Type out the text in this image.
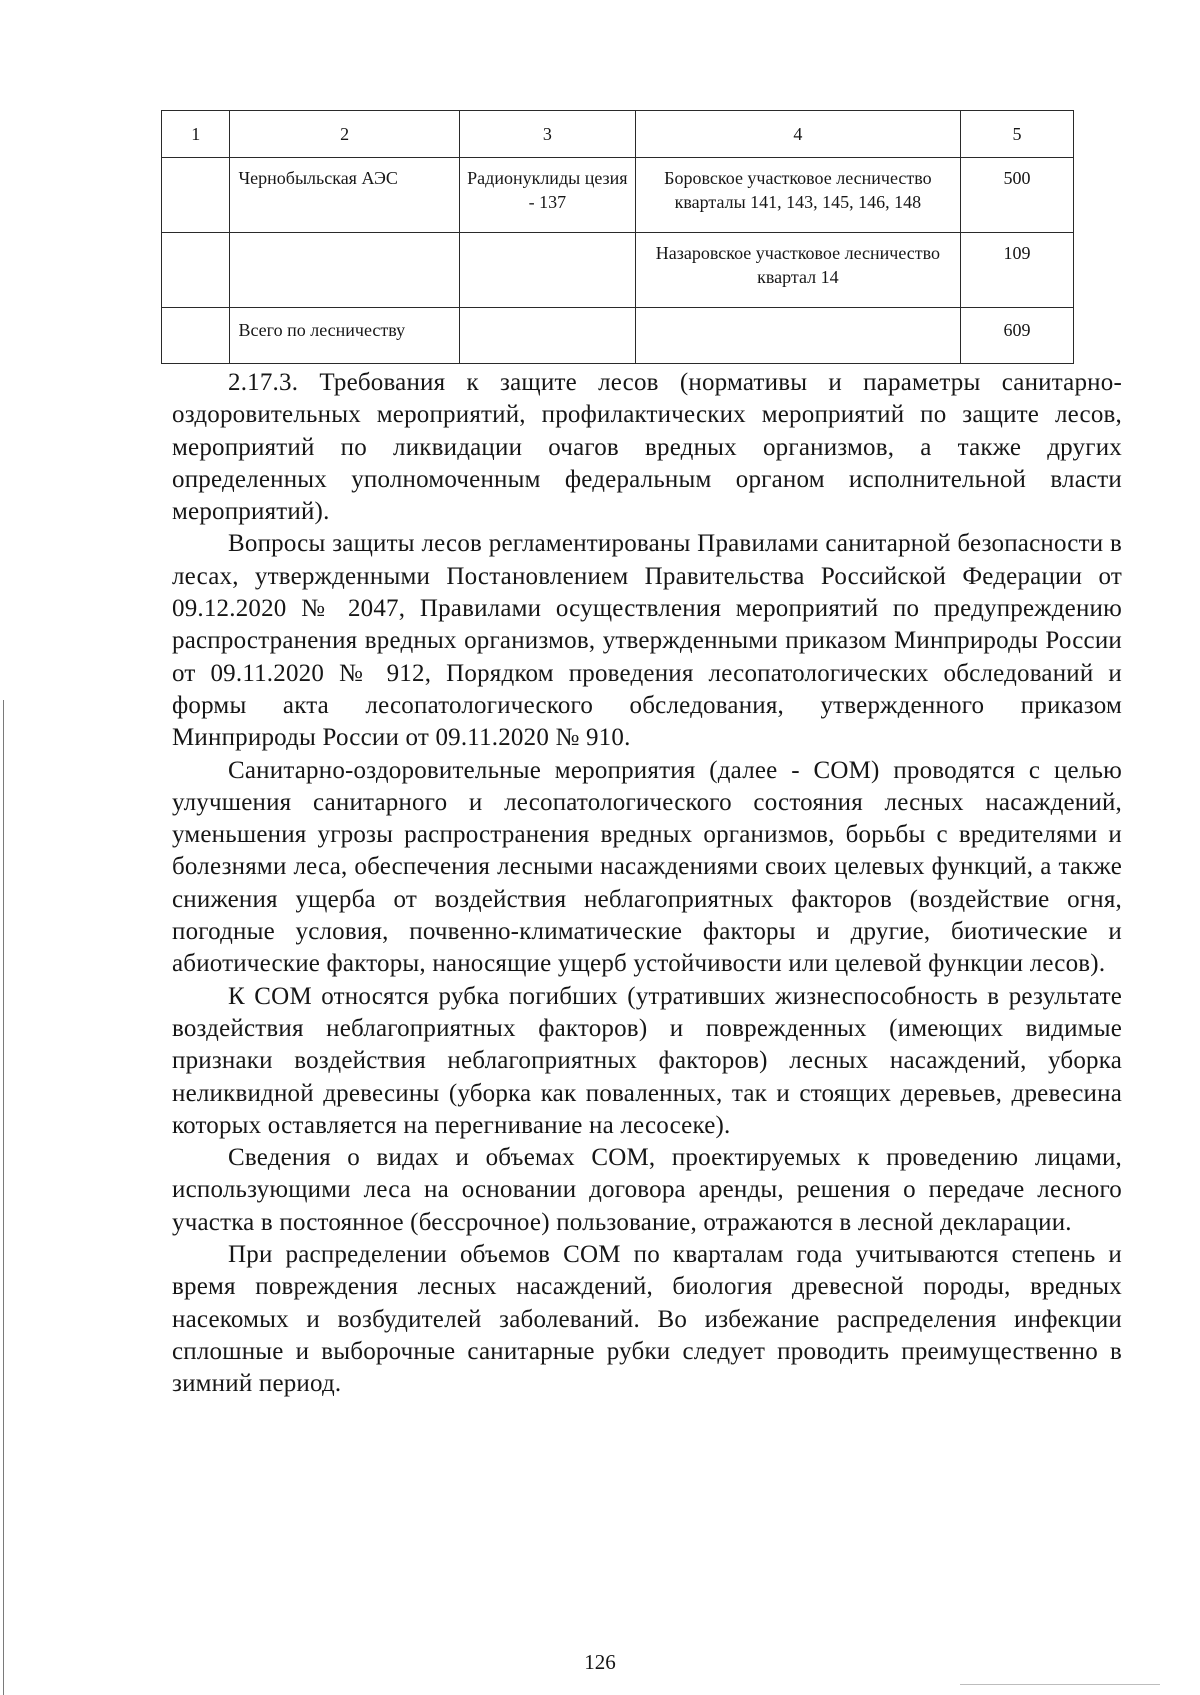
1	2	3	4	5
	Чернобыльская АЭС	Радионуклиды цезия - 137	Боровское участковое лесничество кварталы 141, 143, 145, 146, 148	500
			Назаровское участковое лесничество квартал 14	109
	Всего по лесничеству			609

2.17.3. Требования к защите лесов (нормативы и параметры санитарно-оздоровительных мероприятий, профилактических мероприятий по защите лесов, мероприятий по ликвидации очагов вредных организмов, а также других определенных уполномоченным федеральным органом исполнительной власти мероприятий).

Вопросы защиты лесов регламентированы Правилами санитарной безопасности в лесах, утвержденными Постановлением Правительства Российской Федерации от 09.12.2020 № 2047, Правилами осуществления мероприятий по предупреждению распространения вредных организмов, утвержденными приказом Минприроды России от 09.11.2020 № 912, Порядком проведения лесопатологических обследований и формы акта лесопатологического обследования, утвержденного приказом Минприроды России от 09.11.2020 № 910.

Санитарно-оздоровительные мероприятия (далее - СОМ) проводятся с целью улучшения санитарного и лесопатологического состояния лесных насаждений, уменьшения угрозы распространения вредных организмов, борьбы с вредителями и болезнями леса, обеспечения лесными насаждениями своих целевых функций, а также снижения ущерба от воздействия неблагоприятных факторов (воздействие огня, погодные условия, почвенно-климатические факторы и другие, биотические и абиотические факторы, наносящие ущерб устойчивости или целевой функции лесов).

К СОМ относятся рубка погибших (утративших жизнеспособность в результате воздействия неблагоприятных факторов) и поврежденных (имеющих видимые признаки воздействия неблагоприятных факторов) лесных насаждений, уборка неликвидной древесины (уборка как поваленных, так и стоящих деревьев, древесина которых оставляется на перегнивание на лесосеке).

Сведения о видах и объемах СОМ, проектируемых к проведению лицами, использующими леса на основании договора аренды, решения о передаче лесного участка в постоянное (бессрочное) пользование, отражаются в лесной декларации.

При распределении объемов СОМ по кварталам года учитываются степень и время повреждения лесных насаждений, биология древесной породы, вредных насекомых и возбудителей заболеваний. Во избежание распределения инфекции сплошные и выборочные санитарные рубки следует проводить преимущественно в зимний период.

126
